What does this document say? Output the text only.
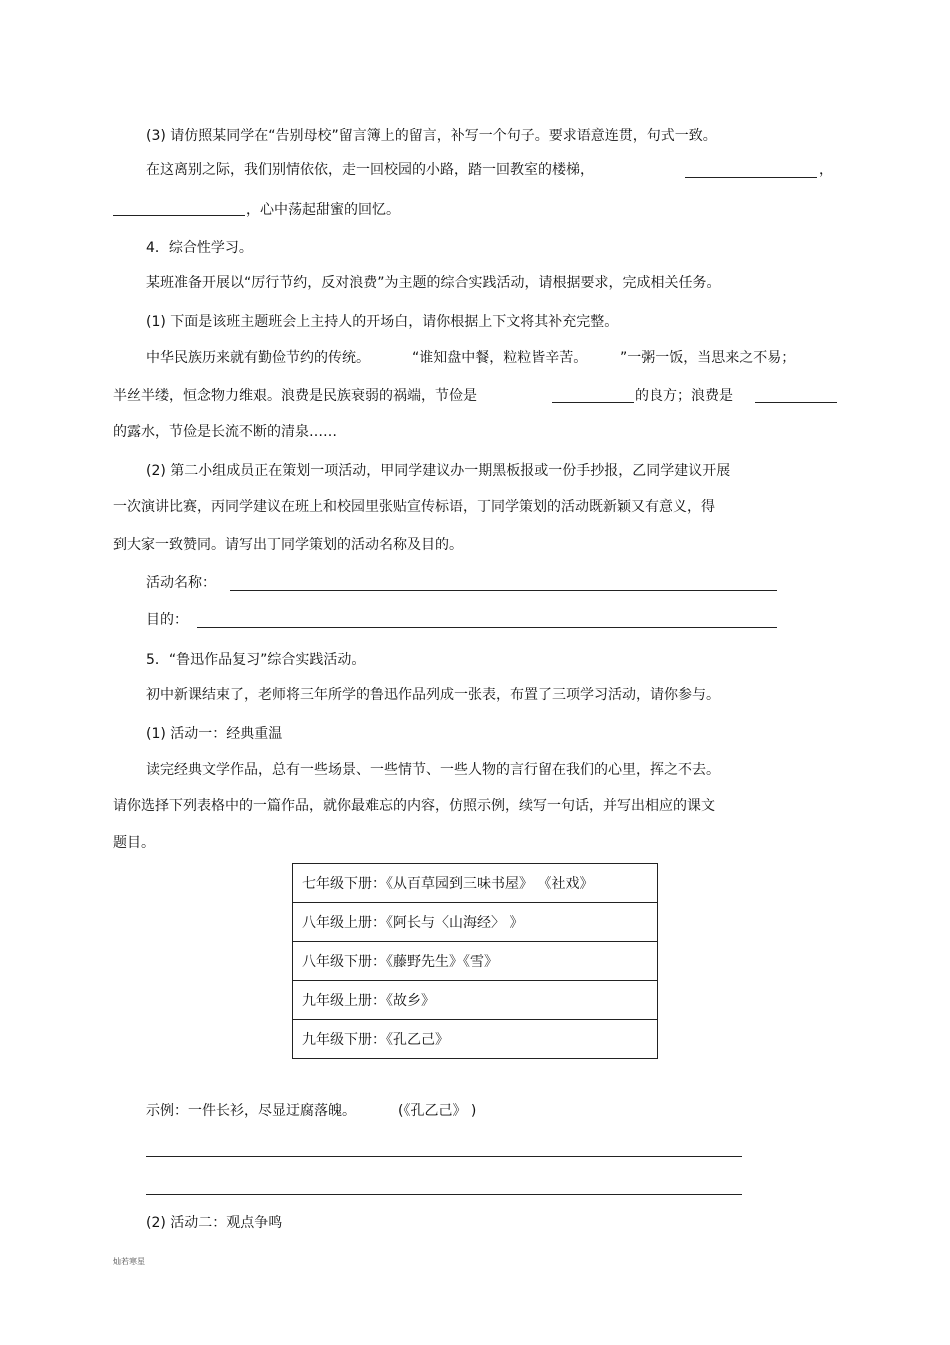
(3) 请仿照某同学在“告别母校”留言簿上的留言，补写一个句子。要求语意连贯，句式一致。
在这离别之际，我们别情依依，走一回校园的小路，踏一回教室的楼梯，	，
，心中荡起甜蜜的回忆。
4．综合性学习。
某班准备开展以“厉行节约，反对浪费”为主题的综合实践活动，请根据要求，完成相关任务。
(1) 下面是该班主题班会上主持人的开场白，请你根据上下文将其补充完整。
中华民族历来就有勤俭节约的传统。	“谁知盘中餐，粒粒皆辛苦。 ”一粥一饭，当思来之不易；
半丝半缕，恒念物力维艰。浪费是民族衰弱的祸端，节俭是	的良方；浪费是
的露水，节俭是长流不断的清泉……
(2) 第二小组成员正在策划一项活动，甲同学建议办一期黑板报或一份手抄报，乙同学建议开展
一次演讲比赛，丙同学建议在班上和校园里张贴宣传标语，丁同学策划的活动既新颖又有意义，得
到大家一致赞同。请写出丁同学策划的活动名称及目的。
活动名称：
目的：
5．“鲁迅作品复习”综合实践活动。
初中新课结束了，老师将三年所学的鲁迅作品列成一张表，布置了三项学习活动，请你参与。
(1) 活动一：经典重温
读完经典文学作品，总有一些场景、一些情节、一些人物的言行留在我们的心里，挥之不去。
请你选择下列表格中的一篇作品，就你最难忘的内容，仿照示例，续写一句话，并写出相应的课文
题目。
七年级下册：《从百草园到三味书屋》 《社戏》
八年级上册：《阿长与〈山海经〉 》
八年级下册：《藤野先生》《雪》
九年级上册：《故乡》
九年级下册：《孔乙己》
示例：一件长衫，尽显迂腐落魄。	(《孔乙己》 )
(2) 活动二：观点争鸣
灿若寒星
